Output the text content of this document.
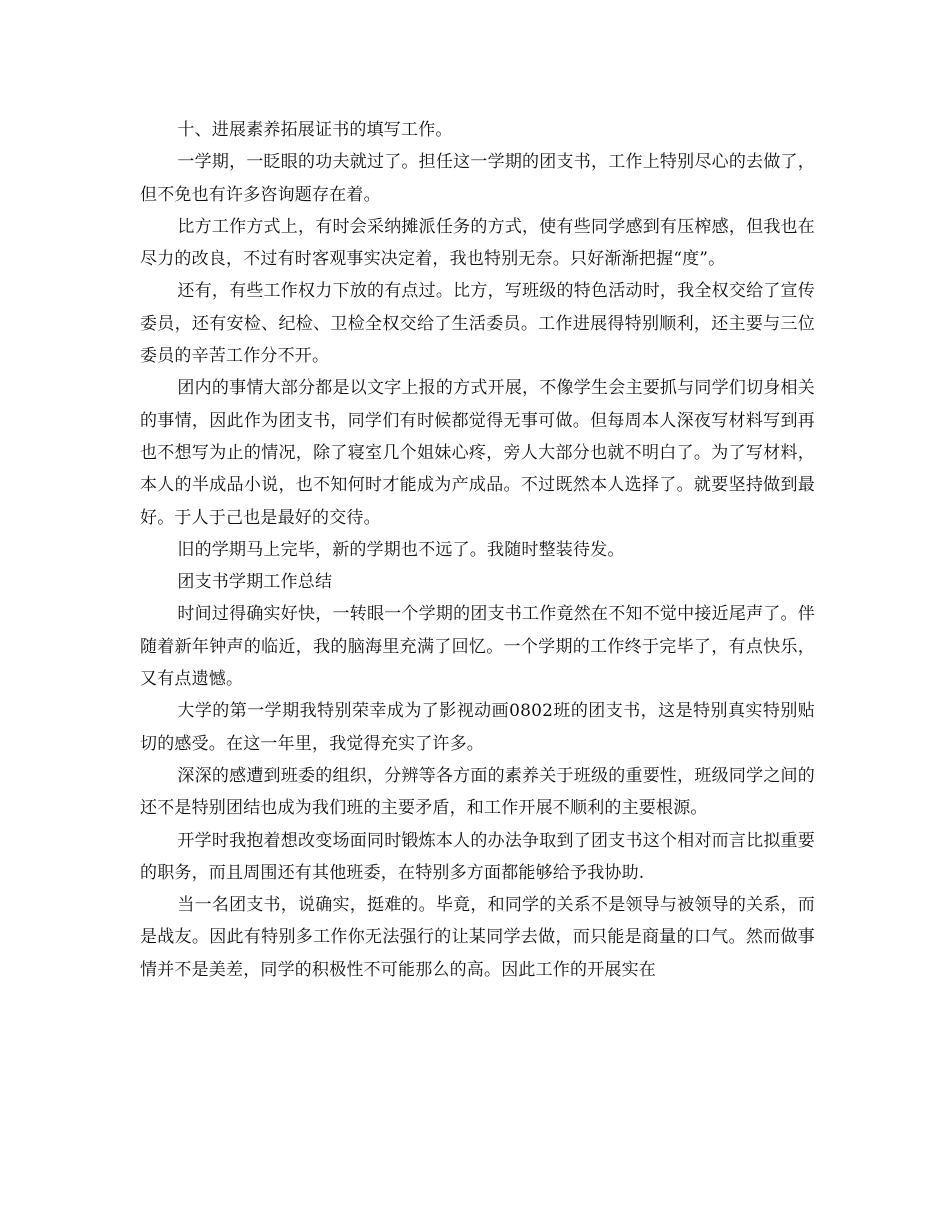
十、进展素养拓展证书的填写工作。

一学期，一眨眼的功夫就过了。担任这一学期的团支书，工作上特别尽心的去做了，但不免也有许多咨询题存在着。

比方工作方式上，有时会采纳摊派任务的方式，使有些同学感到有压榨感，但我也在尽力的改良，不过有时客观事实决定着，我也特别无奈。只好渐渐把握“度”。

还有，有些工作权力下放的有点过。比方，写班级的特色活动时，我全权交给了宣传委员，还有安检、纪检、卫检全权交给了生活委员。工作进展得特别顺利，还主要与三位委员的辛苦工作分不开。

团内的事情大部分都是以文字上报的方式开展，不像学生会主要抓与同学们切身相关的事情，因此作为团支书，同学们有时候都觉得无事可做。但每周本人深夜写材料写到再也不想写为止的情况，除了寝室几个姐妹心疼，旁人大部分也就不明白了。为了写材料，本人的半成品小说，也不知何时才能成为产成品。不过既然本人选择了。就要坚持做到最好。于人于己也是最好的交待。

旧的学期马上完毕，新的学期也不远了。我随时整装待发。

团支书学期工作总结

时间过得确实好快，一转眼一个学期的团支书工作竟然在不知不觉中接近尾声了。伴随着新年钟声的临近，我的脑海里充满了回忆。一个学期的工作终于完毕了，有点快乐，又有点遗憾。

大学的第一学期我特别荣幸成为了影视动画0802班的团支书，这是特别真实特别贴切的感受。在这一年里，我觉得充实了许多。

深深的感遭到班委的组织，分辨等各方面的素养关于班级的重要性，班级同学之间的还不是特别团结也成为我们班的主要矛盾，和工作开展不顺利的主要根源。

开学时我抱着想改变场面同时锻炼本人的办法争取到了团支书这个相对而言比拟重要的职务，而且周围还有其他班委，在特别多方面都能够给予我协助.

当一名团支书，说确实，挺难的。毕竟，和同学的关系不是领导与被领导的关系，而是战友。因此有特别多工作你无法强行的让某同学去做，而只能是商量的口气。然而做事情并不是美差，同学的积极性不可能那么的高。因此工作的开展实在
